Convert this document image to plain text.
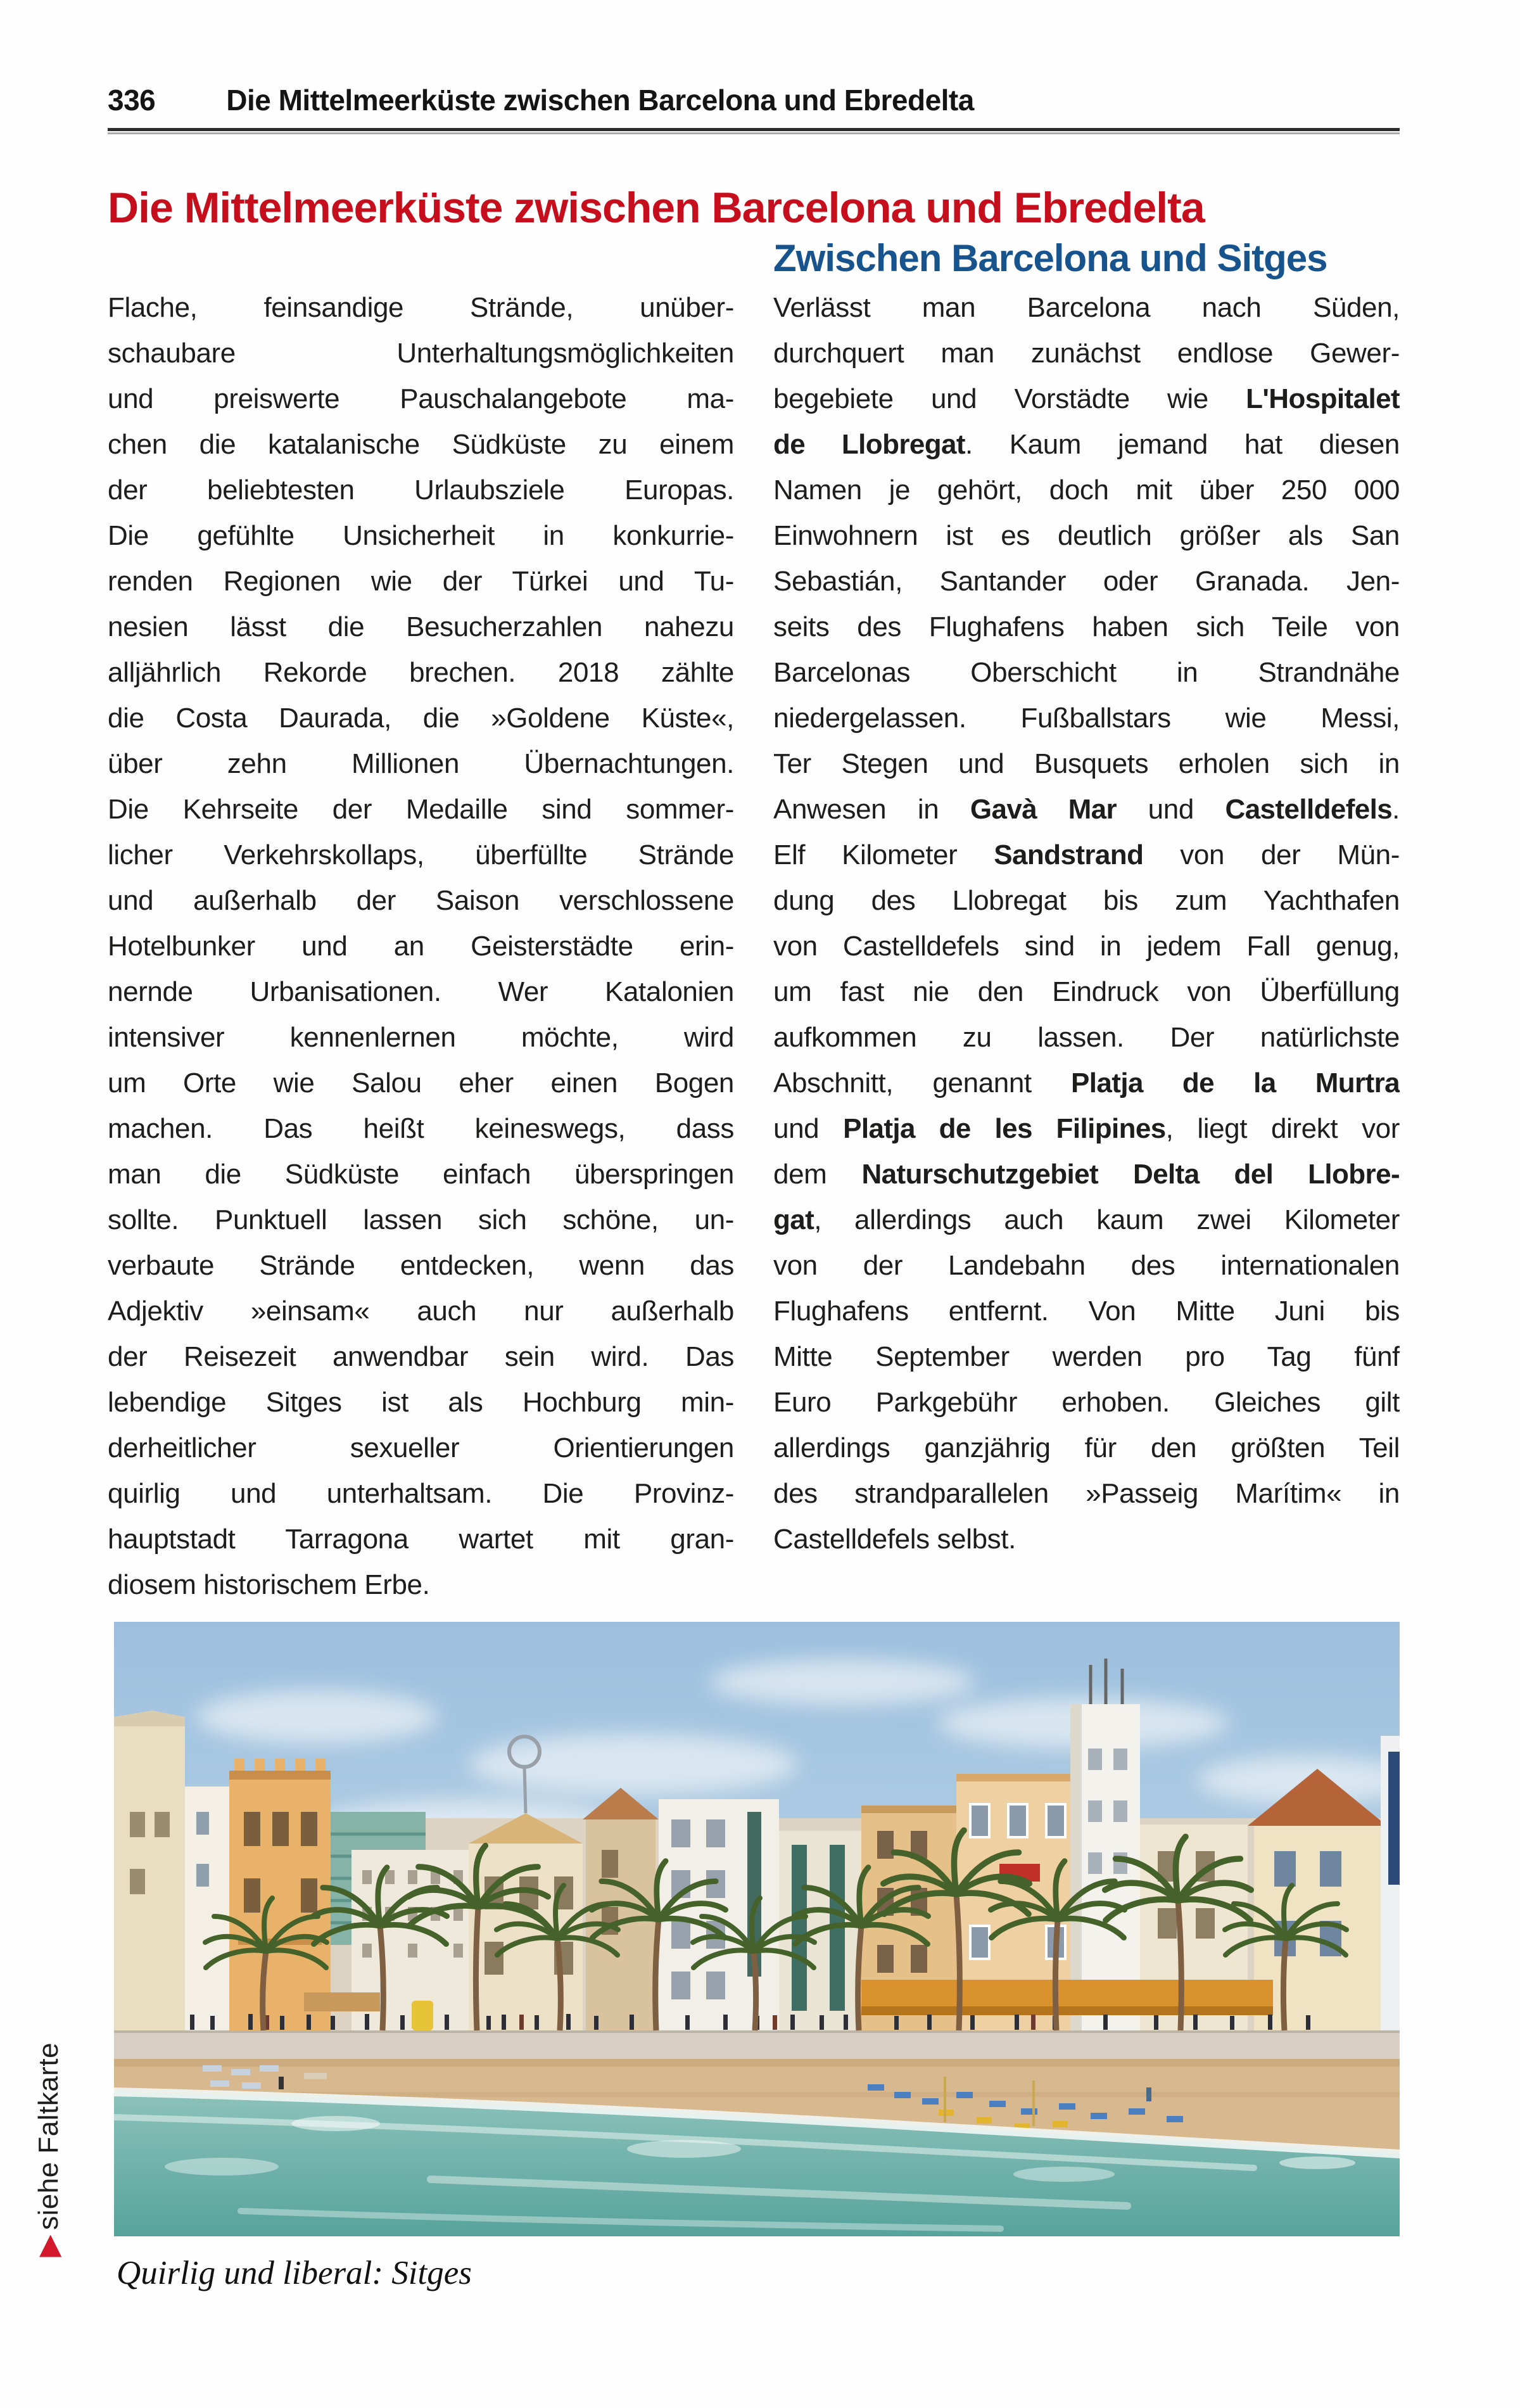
336 Die Mittelmeerküste zwischen Barcelona und Ebredelta
Die Mittelmeerküste zwischen Barcelona und Ebredelta
Flache, feinsandige Strände, unüber-
schaubare Unterhaltungsmöglichkeiten
und preiswerte Pauschalangebote ma-
chen die katalanische Südküste zu einem
der beliebtesten Urlaubsziele Europas.
Die gefühlte Unsicherheit in konkurrie-
renden Regionen wie der Türkei und Tu-
nesien lässt die Besucherzahlen nahezu
alljährlich Rekorde brechen. 2018 zählte
die Costa Daurada, die »Goldene Küste«,
über zehn Millionen Übernachtungen.
Die Kehrseite der Medaille sind sommer-
licher Verkehrskollaps, überfüllte Strände
und außerhalb der Saison verschlossene
Hotelbunker und an Geisterstädte erin-
nernde Urbanisationen. Wer Katalonien
intensiver kennenlernen möchte, wird
um Orte wie Salou eher einen Bogen
machen. Das heißt keineswegs, dass
man die Südküste einfach überspringen
sollte. Punktuell lassen sich schöne, un-
verbaute Strände entdecken, wenn das
Adjektiv »einsam« auch nur außerhalb
der Reisezeit anwendbar sein wird. Das
lebendige Sitges ist als Hochburg min-
derheitlicher sexueller Orientierungen
quirlig und unterhaltsam. Die Provinz-
hauptstadt Tarragona wartet mit gran-
diosem historischem Erbe.
Zwischen Barcelona und Sitges
Verlässt man Barcelona nach Süden,
durchquert man zunächst endlose Gewer-
begebiete und Vorstädte wie L'Hospitalet
de Llobregat. Kaum jemand hat diesen
Namen je gehört, doch mit über 250 000
Einwohnern ist es deutlich größer als San
Sebastián, Santander oder Granada. Jen-
seits des Flughafens haben sich Teile von
Barcelonas Oberschicht in Strandnähe
niedergelassen. Fußballstars wie Messi,
Ter Stegen und Busquets erholen sich in
Anwesen in Gavà Mar und Castelldefels.
Elf Kilometer Sandstrand von der Mün-
dung des Llobregat bis zum Yachthafen
von Castelldefels sind in jedem Fall genug,
um fast nie den Eindruck von Überfüllung
aufkommen zu lassen. Der natürlichste
Abschnitt, genannt Platja de la Murtra
und Platja de les Filipines, liegt direkt vor
dem Naturschutzgebiet Delta del Llobre-
gat, allerdings auch kaum zwei Kilometer
von der Landebahn des internationalen
Flughafens entfernt. Von Mitte Juni bis
Mitte September werden pro Tag fünf
Euro Parkgebühr erhoben. Gleiches gilt
allerdings ganzjährig für den größten Teil
des strandparallelen »Passeig Marítim« in
Castelldefels selbst.
siehe Faltkarte
▲
Quirlig und liberal: Sitges
